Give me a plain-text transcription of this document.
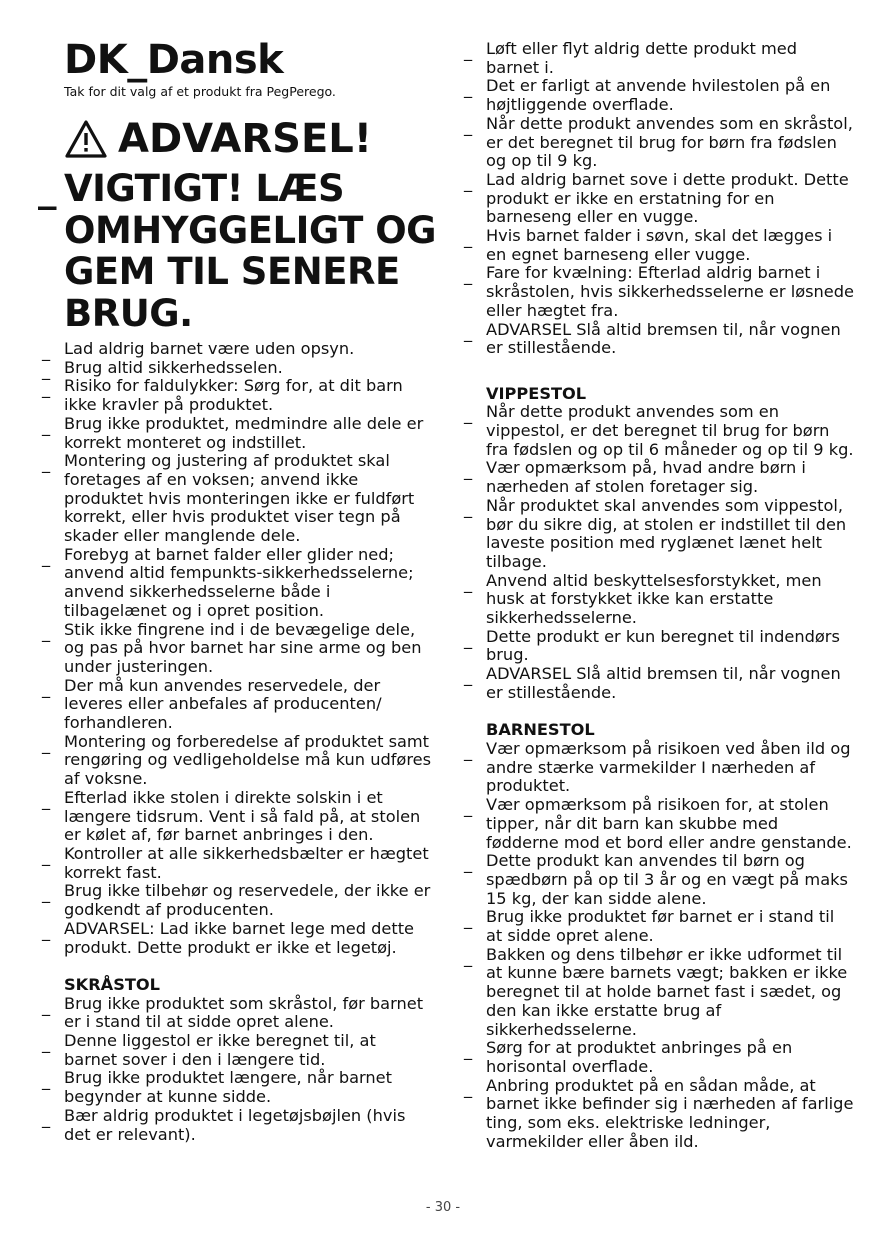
DK_Dansk

Tak for dit valg af et produkt fra PegPerego.

ADVARSEL!
_ VIGTIGT! LÆS OMHYGGELIGT OG GEM TIL SENERE BRUG.
_ Lad aldrig barnet være uden opsyn.
_ Brug altid sikkerhedsselen.
_ Risiko for faldulykker: Sørg for, at dit barn ikke kravler på produktet.
_ Brug ikke produktet, medmindre alle dele er korrekt monteret og indstillet.
_ Montering og justering af produktet skal foretages af en voksen; anvend ikke produktet hvis monteringen ikke er fuldført korrekt, eller hvis produktet viser tegn på skader eller manglende dele.
_ Forebyg at barnet falder eller glider ned; anvend altid fempunkts-sikkerhedsselerne; anvend sikkerhedsselerne både i tilbagelænet og i opret position.
_ Stik ikke fingrene ind i de bevægelige dele, og pas på hvor barnet har sine arme og ben under justeringen.
_ Der må kun anvendes reservedele, der leveres eller anbefales af producenten/ forhandleren.
_ Montering og forberedelse af produktet samt rengøring og vedligeholdelse må kun udføres af voksne.
_ Efterlad ikke stolen i direkte solskin i et længere tidsrum. Vent i så fald på, at stolen er kølet af, før barnet anbringes i den.
_ Kontroller at alle sikkerhedsbælter er hægtet korrekt fast.
_ Brug ikke tilbehør og reservedele, der ikke er godkendt af producenten.
_ ADVARSEL: Lad ikke barnet lege med dette produkt. Dette produkt er ikke et legetøj.
SKRÅSTOL
_ Brug ikke produktet som skråstol, før barnet er i stand til at sidde opret alene.
_ Denne liggestol er ikke beregnet til, at barnet sover i den i længere tid.
_ Brug ikke produktet længere, når barnet begynder at kunne sidde.
_ Bær aldrig produktet i legetøjsbøjlen (hvis det er relevant).
_ Løft eller flyt aldrig dette produkt med barnet i.
_ Det er farligt at anvende hvilestolen på en højtliggende overflade.
_ Når dette produkt anvendes som en skråstol, er det beregnet til brug for børn fra fødslen og op til 9 kg.
_ Lad aldrig barnet sove i dette produkt. Dette produkt er ikke en erstatning for en barneseng eller en vugge.
_ Hvis barnet falder i søvn, skal det lægges i en egnet barneseng eller vugge.
_ Fare for kvælning: Efterlad aldrig barnet i skråstolen, hvis sikkerhedsselerne er løsnede eller hægtet fra.
_ ADVARSEL Slå altid bremsen til, når vognen er stillestående.
VIPPESTOL
_ Når dette produkt anvendes som en vippestol, er det beregnet til brug for børn fra fødslen og op til 6 måneder og op til 9 kg.
_ Vær opmærksom på, hvad andre børn i nærheden af stolen foretager sig.
_ Når produktet skal anvendes som vippestol, bør du sikre dig, at stolen er indstillet til den laveste position med ryglænet lænet helt tilbage.
_ Anvend altid beskyttelsesforstykket, men husk at forstykket ikke kan erstatte sikkerhedsselerne.
_ Dette produkt er kun beregnet til indendørs brug.
_ ADVARSEL Slå altid bremsen til, når vognen er stillestående.
BARNESTOL
_ Vær opmærksom på risikoen ved åben ild og andre stærke varmekilder I nærheden af produktet.
_ Vær opmærksom på risikoen for, at stolen tipper, når dit barn kan skubbe med fødderne mod et bord eller andre genstande.
_ Dette produkt kan anvendes til børn og spædbørn på op til 3 år og en vægt på maks 15 kg, der kan sidde alene.
_ Brug ikke produktet før barnet er i stand til at sidde opret alene.
_ Bakken og dens tilbehør er ikke udformet til at kunne bære barnets vægt; bakken er ikke beregnet til at holde barnet fast i sædet, og den kan ikke erstatte brug af sikkerhedsselerne.
_ Sørg for at produktet anbringes på en horisontal overflade.
_ Anbring produktet på en sådan måde, at barnet ikke befinder sig i nærheden af farlige ting, som eks. elektriske ledninger, varmekilder eller åben ild.
- 30 -
